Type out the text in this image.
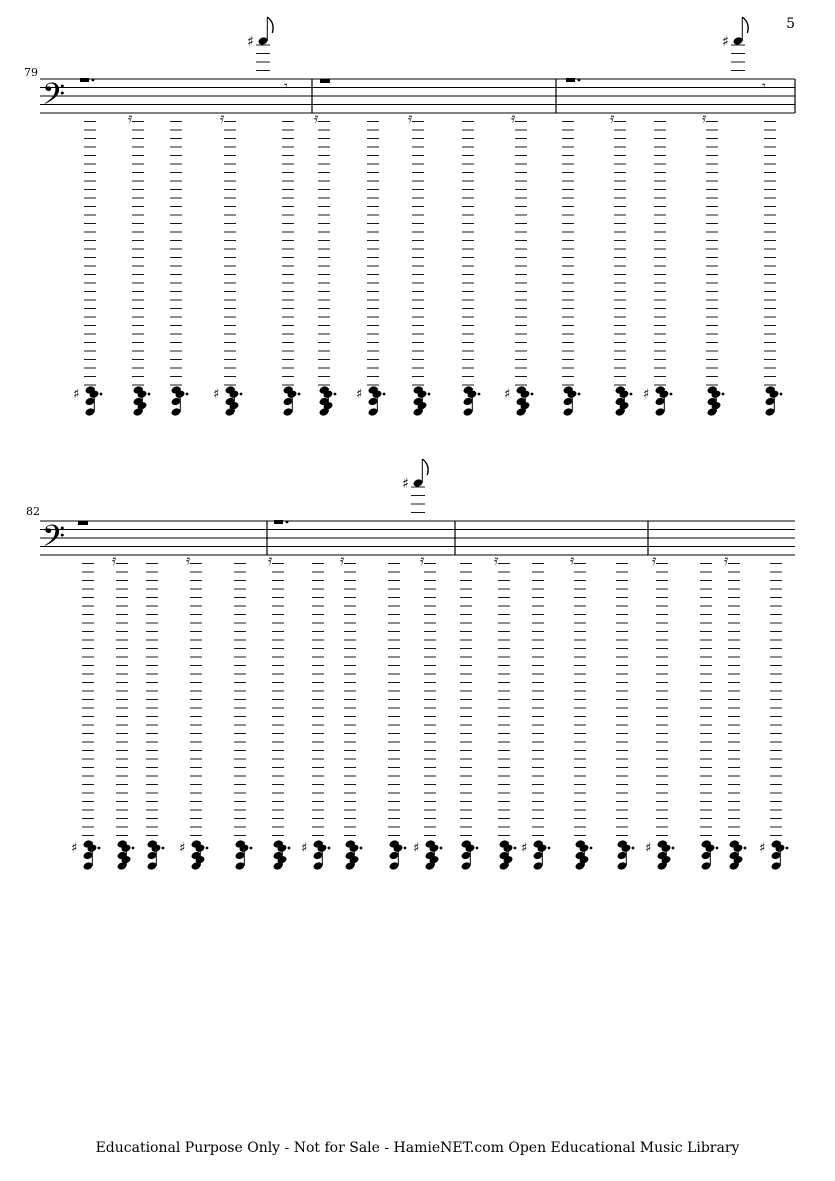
5
79
82
𝄢
♯
𝄿
♯
𝄿	𝄿
♯
𝄿
♯
𝄿	𝄿
♯
𝄿
♯
𝄾
♯
𝄾
𝄢
♯
𝄿
♯
𝄿	𝄿
♯
𝄿
♯
𝄿	𝄿
♯
𝄿
♯
𝄿	𝄿
♯
♯
Educational Purpose Only - Not for Sale - HamieNET.com Open Educational Music Library
